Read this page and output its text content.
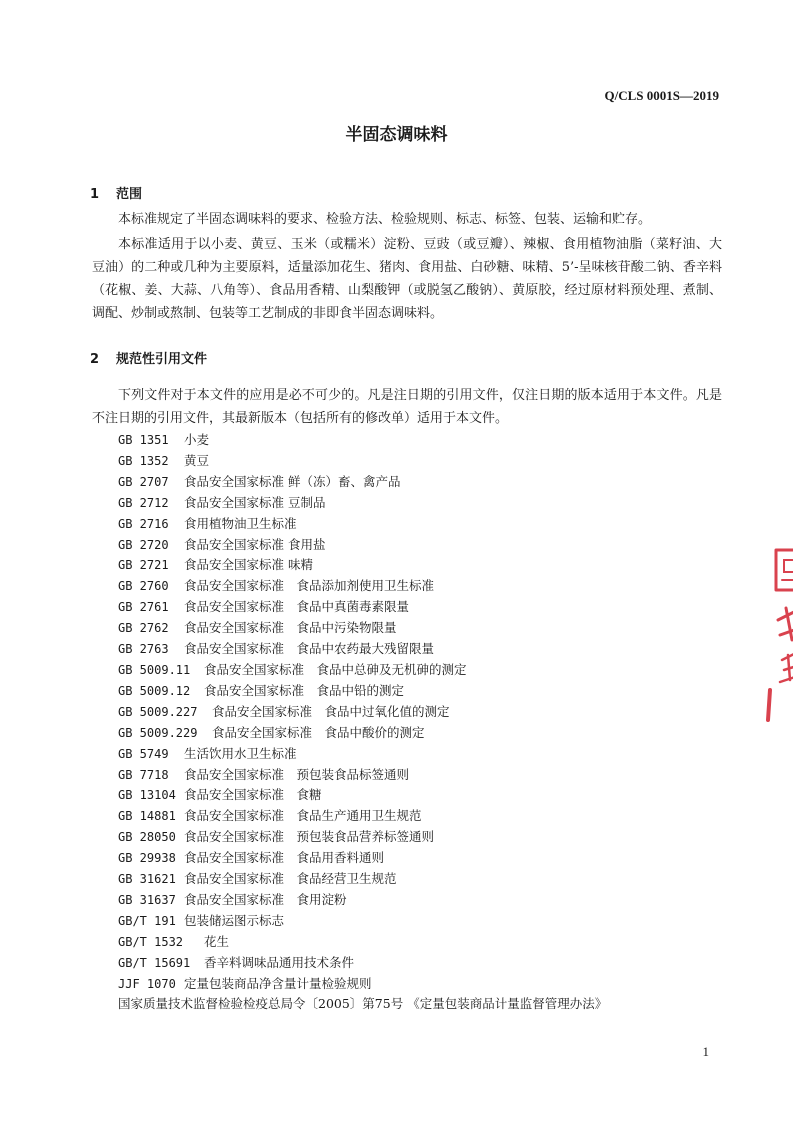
Q/CLS 0001S—2019
半固态调味料
1 范围
本标准规定了半固态调味料的要求、检验方法、检验规则、标志、标签、包装、运输和贮存。
本标准适用于以小麦、黄豆、玉米（或糯米）淀粉、豆豉（或豆瓣）、辣椒、食用植物油脂（菜籽油、大豆油）的二种或几种为主要原料，适量添加花生、猪肉、食用盐、白砂糖、味精、5’-呈味核苷酸二钠、香辛料（花椒、姜、大蒜、八角等）、食品用香精、山梨酸钾（或脱氢乙酸钠）、黄原胶，经过原材料预处理、煮制、调配、炒制或熬制、包装等工艺制成的非即食半固态调味料。
2 规范性引用文件
下列文件对于本文件的应用是必不可少的。凡是注日期的引用文件，仅注日期的版本适用于本文件。凡是不注日期的引用文件，其最新版本（包括所有的修改单）适用于本文件。
GB 1351 小麦
GB 1352 黄豆
GB 2707 食品安全国家标准 鲜（冻）畜、禽产品
GB 2712 食品安全国家标准 豆制品
GB 2716 食用植物油卫生标准
GB 2720 食品安全国家标准 食用盐
GB 2721 食品安全国家标准 味精
GB 2760 食品安全国家标准　食品添加剂使用卫生标准
GB 2761 食品安全国家标准　食品中真菌毒素限量
GB 2762 食品安全国家标准　食品中污染物限量
GB 2763 食品安全国家标准　食品中农药最大残留限量
GB 5009.11 食品安全国家标准　食品中总砷及无机砷的测定
GB 5009.12 食品安全国家标准　食品中铅的测定
GB 5009.227 食品安全国家标准　食品中过氧化值的测定
GB 5009.229 食品安全国家标准　食品中酸价的测定
GB 5749 生活饮用水卫生标准
GB 7718 食品安全国家标准　预包装食品标签通则
GB 13104 食品安全国家标准　食糖
GB 14881 食品安全国家标准　食品生产通用卫生规范
GB 28050 食品安全国家标准　预包装食品营养标签通则
GB 29938 食品安全国家标准　食品用香料通则
GB 31621 食品安全国家标准　食品经营卫生规范
GB 31637 食品安全国家标准　食用淀粉
GB/T 191 包装储运图示标志
GB/T 1532 花生
GB/T 15691 香辛料调味品通用技术条件
JJF 1070 定量包装商品净含量计量检验规则
国家质量技术监督检验检疫总局令〔2005〕第75号 《定量包装商品计量监督管理办法》
1
